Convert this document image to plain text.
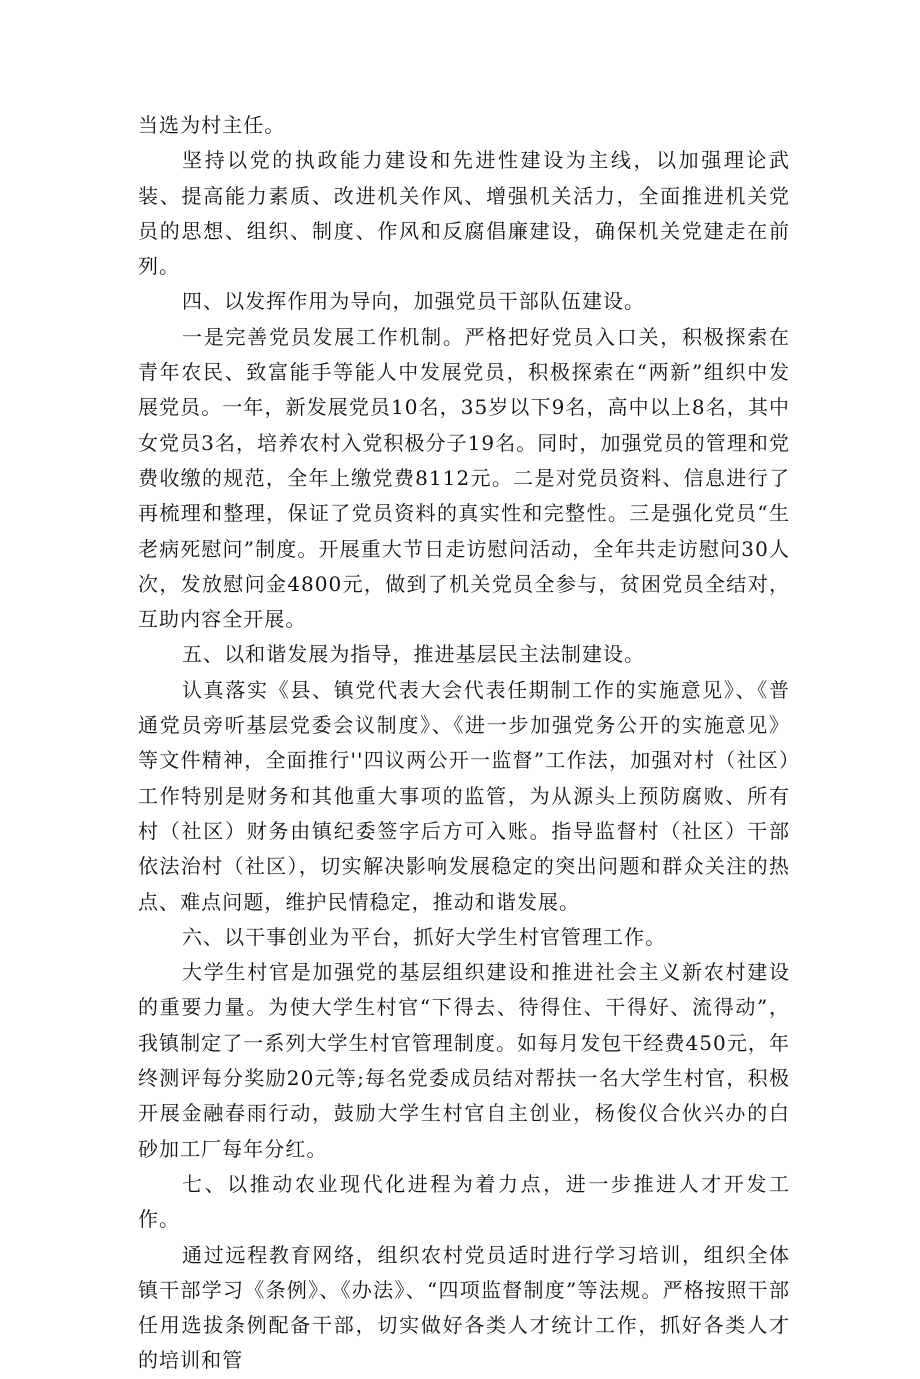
当选为村主任。

坚持以党的执政能力建设和先进性建设为主线，以加强理论武装、提高能力素质、改进机关作风、增强机关活力，全面推进机关党员的思想、组织、制度、作风和反腐倡廉建设，确保机关党建走在前列。

四、以发挥作用为导向，加强党员干部队伍建设。

一是完善党员发展工作机制。严格把好党员入口关，积极探索在青年农民、致富能手等能人中发展党员，积极探索在“两新”组织中发展党员。一年，新发展党员10名，35岁以下9名，高中以上8名，其中女党员3名，培养农村入党积极分子19名。同时，加强党员的管理和党费收缴的规范，全年上缴党费8112元。二是对党员资料、信息进行了再梳理和整理，保证了党员资料的真实性和完整性。三是强化党员“生老病死慰问”制度。开展重大节日走访慰问活动，全年共走访慰问30人次，发放慰问金4800元，做到了机关党员全参与，贫困党员全结对，互助内容全开展。

五、以和谐发展为指导，推进基层民主法制建设。

认真落实《县、镇党代表大会代表任期制工作的实施意见》、《普通党员旁听基层党委会议制度》、《进一步加强党务公开的实施意见》等文件精神，全面推行''四议两公开一监督”工作法，加强对村（社区）工作特别是财务和其他重大事项的监管，为从源头上预防腐败、所有村（社区）财务由镇纪委签字后方可入账。指导监督村（社区）干部依法治村（社区），切实解决影响发展稳定的突出问题和群众关注的热点、难点问题，维护民情稳定，推动和谐发展。

六、以干事创业为平台，抓好大学生村官管理工作。

大学生村官是加强党的基层组织建设和推进社会主义新农村建设的重要力量。为使大学生村官“下得去、待得住、干得好、流得动”，我镇制定了一系列大学生村官管理制度。如每月发包干经费450元，年终测评每分奖励20元等;每名党委成员结对帮扶一名大学生村官，积极开展金融春雨行动，鼓励大学生村官自主创业，杨俊仪合伙兴办的白砂加工厂每年分红。

七、以推动农业现代化进程为着力点，进一步推进人才开发工作。

通过远程教育网络，组织农村党员适时进行学习培训，组织全体镇干部学习《条例》、《办法》、“四项监督制度”等法规。严格按照干部任用选拔条例配备干部，切实做好各类人才统计工作，抓好各类人才的培训和管
